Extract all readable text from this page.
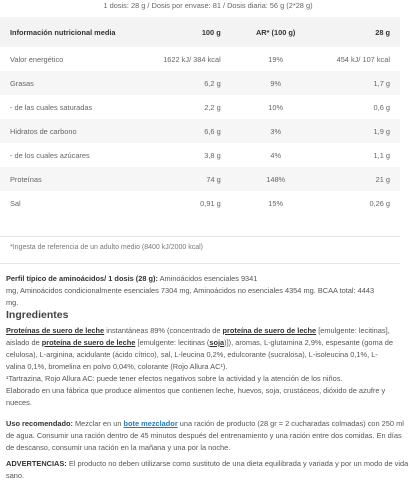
1 dosis: 28 g / Dosis por envase: 81 / Dosis diaria: 56 g (2*28 g)
Información nutricional media	100 g	AR* (100 g)	28 g
Valor energético	1622 kJ/ 384 kcal	19%	454 kJ/ 107 kcal
Grasas	6,2 g	9%	1,7 g
- de las cuales saturadas	2,2 g	10%	0,6 g
Hidratos de carbono	6,6 g	3%	1,9 g
- de los cuales azúcares	3,8 g	4%	1,1 g
Proteínas	74 g	148%	21 g
Sal	0,91 g	15%	0,26 g
*Ingesta de referencia de un adulto medio (8400 kJ/2000 kcal)
Perfil típico de aminoácidos/ 1 dosis (28 g): Aminoácidos esenciales 9341
mg, Aminoácidos condicionalmente esenciales 7304 mg, Aminoácidos no esenciales 4354 mg. BCAA total: 4443
mg.
Ingredientes
Proteínas de suero de leche instantáneas 89% (concentrado de proteína de suero de leche [emulgente: lecitinas],
aislado de proteína de suero de leche [emulgente: lecitinas (soja)]), aromas, L-glutamina 2,9%, espesante (goma de
celulosa), L-arginina, acidulante (ácido cítrico), sal, L-leucina 0,2%, edulcorante (sucralosa), L-isoleucina 0,1%, L-
valina 0,1%, bromelina en polvo 0,04%, colorante (Rojo Allura AC¹).
¹Tartrazina, Rojo Allura AC: puede tener efectos negativos sobre la actividad y la atención de los niños.
Elaborado en una fábrica que produce alimentos que contienen leche, huevos, soja, crustáceos, dióxido de azufre y
nueces.
Uso recomendado: Mezclar en un bote mezclador una ración de producto (28 gr = 2 cucharadas colmadas) con 250 ml
de agua. Consumir una ración dentro de 45 minutos después del entrenamiento y una ración entre dos comidas. En días
de descanso, consumir una ración en la mañana y una por la noche.
ADVERTENCIAS: El producto no deben utilizarse como sustituto de una dieta equilibrada y variada y por un modo de vida
sano.
